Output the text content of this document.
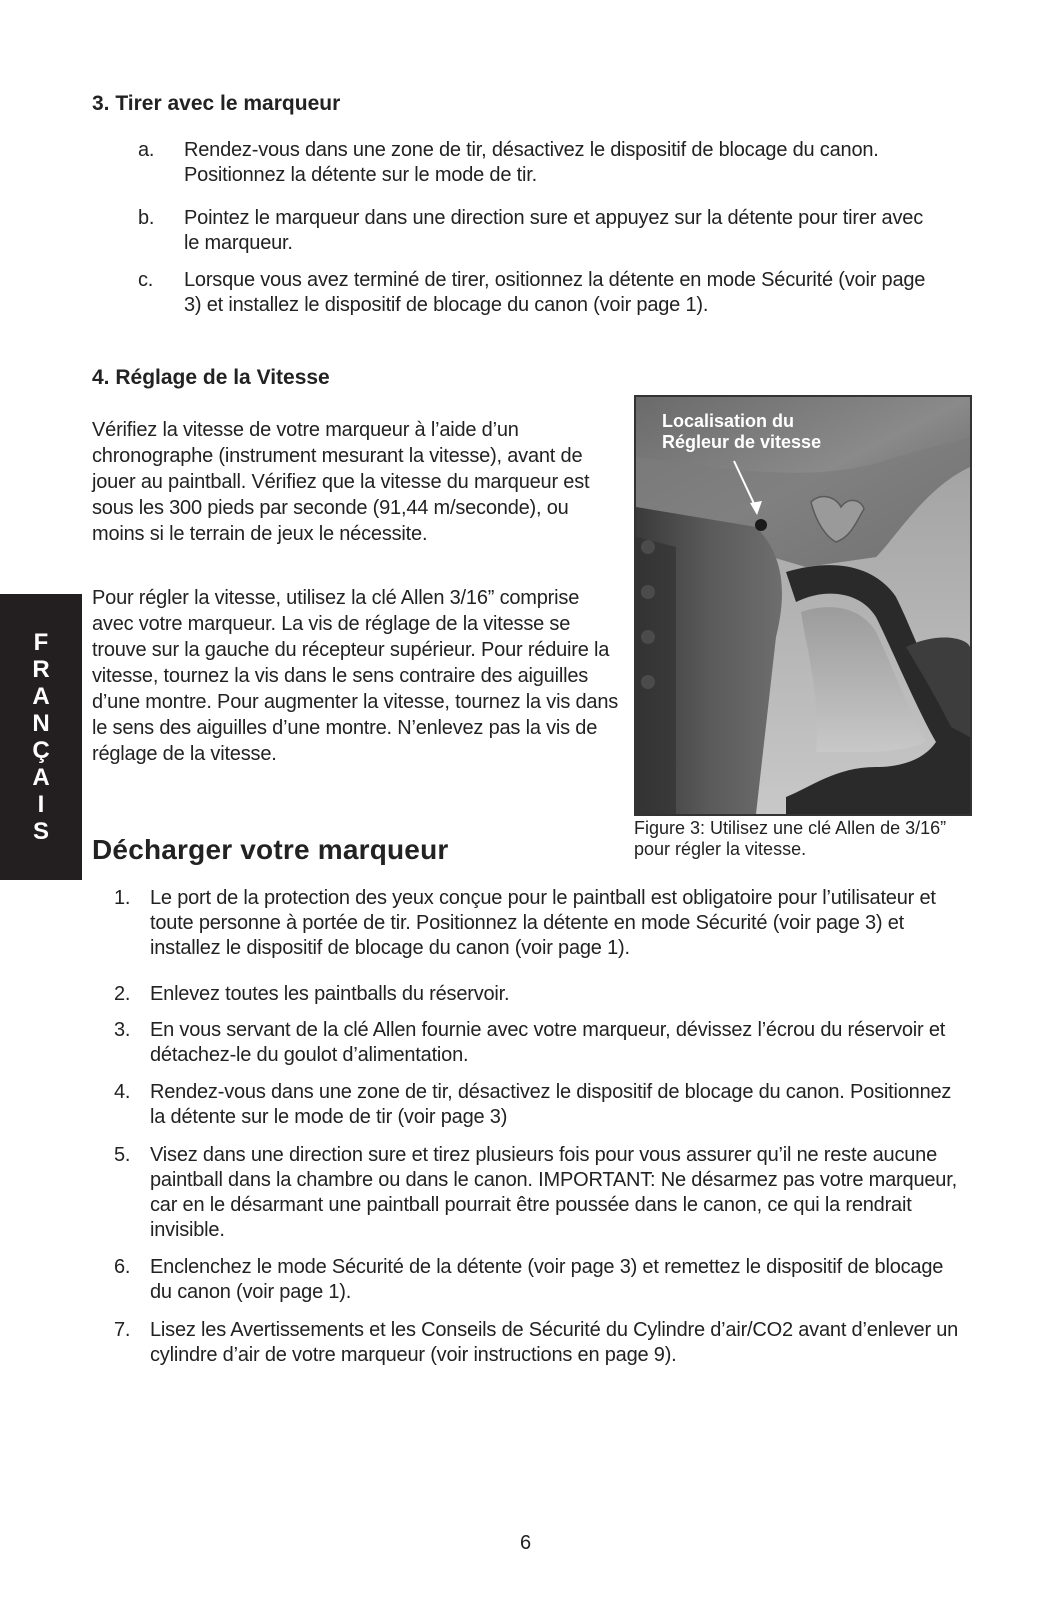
3. Tirer avec le marqueur
a. Rendez-vous dans une zone de tir, désactivez le dispositif de blocage du canon. Positionnez la détente sur le mode de tir.
b. Pointez le marqueur dans une direction sure et appuyez sur la détente pour tirer avec le marqueur.
c. Lorsque vous avez terminé de tirer, ositionnez la détente en mode Sécurité (voir page 3) et installez le dispositif de blocage du canon (voir page 1).
4. Réglage de la Vitesse
Vérifiez la vitesse de votre marqueur à l’aide d’un chronographe (instrument mesurant la vitesse), avant de jouer au paintball. Vérifiez que la vitesse du marqueur est sous les 300 pieds par seconde (91,44 m/seconde), ou moins si le terrain de jeux le nécessite.
Pour régler la vitesse, utilisez la clé Allen 3/16” comprise avec votre marqueur. La vis de réglage de la vitesse se trouve sur la gauche du récepteur supérieur. Pour réduire la vitesse, tournez la vis dans le sens contraire des aiguilles d’une montre. Pour augmenter la vitesse, tournez la vis dans le sens des aiguilles d’une montre. N’enlevez pas la vis de réglage de la vitesse.
F
R
A
N
Ç
A
I
S
Localisation du
Régleur de vitesse
Figure 3: Utilisez une clé Allen de 3/16” pour régler la vitesse.
Décharger votre marqueur
1. Le port de la protection des yeux conçue pour le paintball est obligatoire pour l’utilisateur et toute personne à portée de tir. Positionnez la détente en mode Sécurité (voir page 3) et installez le dispositif de blocage du canon (voir page 1).
2. Enlevez toutes les paintballs du réservoir.
3. En vous servant de la clé Allen fournie avec votre marqueur, dévissez l’écrou du réservoir et détachez-le du goulot d’alimentation.
4. Rendez-vous dans une zone de tir, désactivez le dispositif de blocage du canon. Positionnez la détente sur le mode de tir (voir page 3)
5. Visez dans une direction sure et tirez plusieurs fois pour vous assurer qu’il ne reste aucune paintball dans la chambre ou dans le canon. IMPORTANT: Ne désarmez pas votre marqueur, car en le désarmant une paintball pourrait être poussée dans le canon, ce qui la rendrait invisible.
6. Enclenchez le mode Sécurité de la détente (voir page 3) et remettez le dispositif de blocage du canon (voir page 1).
7. Lisez les Avertissements et les Conseils de Sécurité du Cylindre d’air/CO2 avant d’enlever un cylindre d’air de votre marqueur (voir instructions en page 9).
6
